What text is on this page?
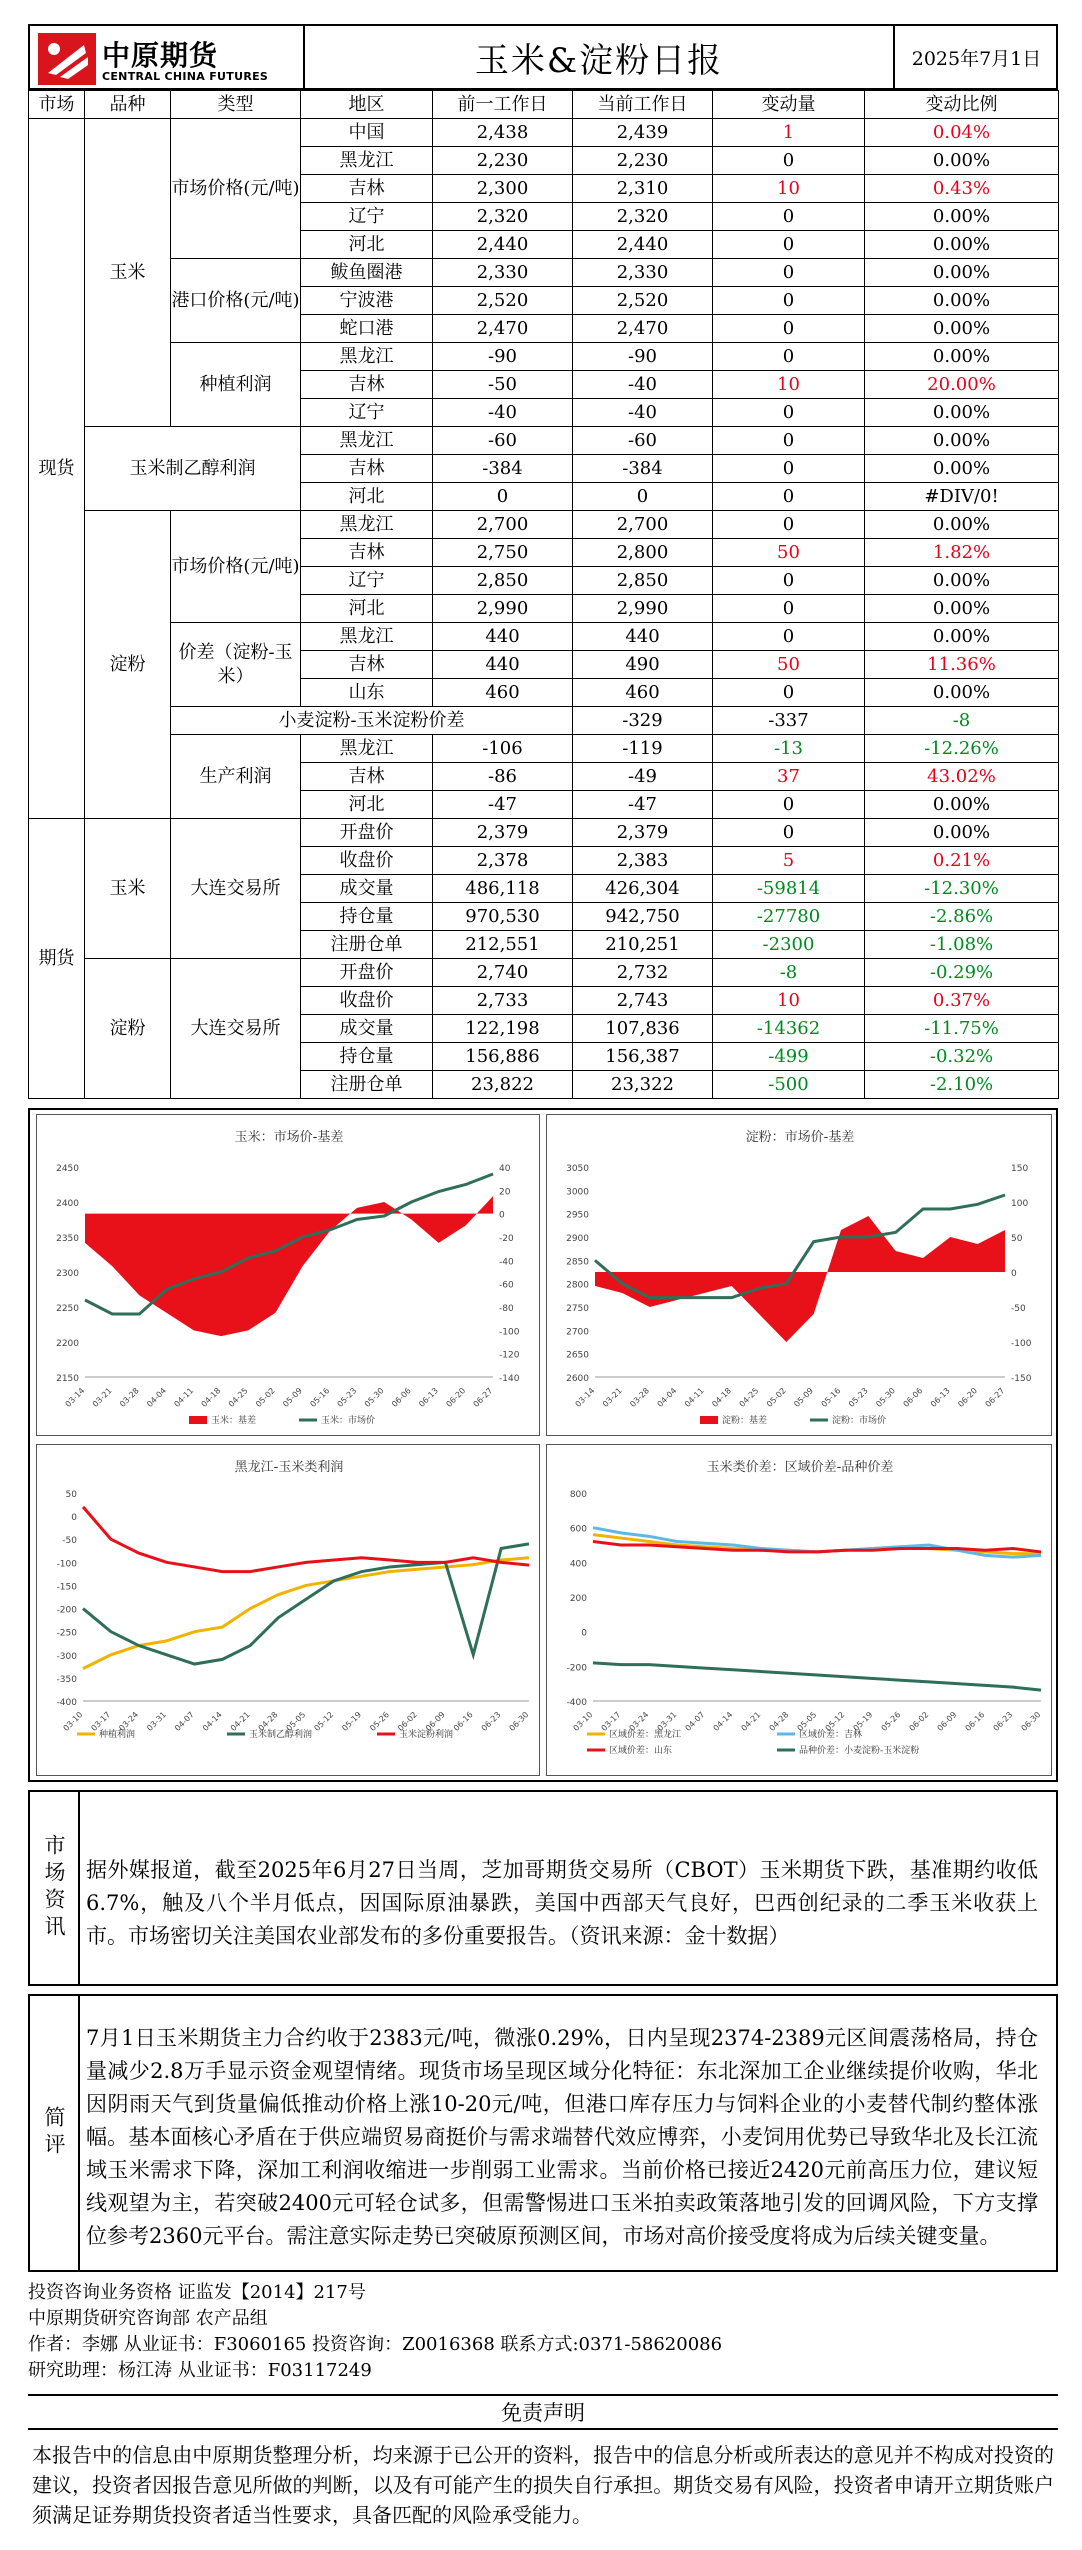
中原期货
CENTRAL CHINA FUTURES	玉米&淀粉日报	2025年7月1日
市场	品种	类型	地区	前一工作日	当前工作日	变动量	变动比例	
现货	玉米	市场价格(元/吨)	中国	2,438	2,439	1	0.04%	
			黑龙江	2,230	2,230	0	0.00%	
			吉林	2,300	2,310	10	0.43%	
			辽宁	2,320	2,320	0	0.00%	
			河北	2,440	2,440	0	0.00%	
		港口价格(元/吨)	鲅鱼圈港	2,330	2,330	0	0.00%	
			宁波港	2,520	2,520	0	0.00%	
			蛇口港	2,470	2,470	0	0.00%	
		种植利润	黑龙江	-90	-90	0	0.00%	
			吉林	-50	-40	10	20.00%	
			辽宁	-40	-40	0	0.00%	
	玉米制乙醇利润		黑龙江	-60	-60	0	0.00%	
			吉林	-384	-384	0	0.00%	
			河北	0	0	0	#DIV/0!	
	淀粉	市场价格(元/吨)	黑龙江	2,700	2,700	0	0.00%	
			吉林	2,750	2,800	50	1.82%	
			辽宁	2,850	2,850	0	0.00%	
			河北	2,990	2,990	0	0.00%	
		价差（淀粉-玉米）	黑龙江	440	440	0	0.00%	
			吉林	440	490	50	11.36%	
			山东	460	460	0	0.00%	
		小麦淀粉-玉米淀粉价差			-329	-337	-8	
		生产利润	黑龙江	-106	-119	-13	-12.26%	
			吉林	-86	-49	37	43.02%	
			河北	-47	-47	0	0.00%	
期货	玉米	大连交易所	开盘价	2,379	2,379	0	0.00%	
			收盘价	2,378	2,383	5	0.21%	
			成交量	486,118	426,304	-59814	-12.30%	
			持仓量	970,530	942,750	-27780	-2.86%	
			注册仓单	212,551	210,251	-2300	-1.08%	
	淀粉	大连交易所	开盘价	2,740	2,732	-8	-0.29%	
			收盘价	2,733	2,743	10	0.37%	
			成交量	122,198	107,836	-14362	-11.75%	
			持仓量	156,886	156,387	-499	-0.32%	
			注册仓单	23,822	23,322	-500	-2.10%	
玉米：市场价-基差
2150
2200
2250
2300
2350
2400
2450	40
20
0
-20
-40
-60
-80
-100
-120
-140
03-14 03-21 03-28 04-04 04-11 04-18 04-25 05-02 05-09 05-16 05-23 05-30 06-06 06-13 06-20 06-27
玉米：基差	玉米：市场价
淀粉：市场价-基差
2600
2650
2700
2750
2800
2850
2900
2950
3000
3050	150
100
50
0
-50
-100
-150
03-14 03-21 03-28 04-04 04-11 04-18 04-25 05-02 05-09 05-16 05-23 05-30 06-06 06-13 06-20 06-27
淀粉：基差	淀粉：市场价
黑龙江-玉米类利润
50
0
-50
-100
-150
-200
-250
-300
-350
-400
03-10 03-17 03-24 03-31 04-07 04-14 04-21 04-28 05-05 05-12 05-19 05-26 06-02 06-09 06-16 06-23 06-30
种植利润	玉米制乙醇利润	玉米淀粉利润
玉米类价差：区域价差-品种价差
800
600
400
200
0
-200
-400
03-10 03-17 03-24 03-31 04-07 04-14 04-21 04-28 05-05 05-12 05-19 05-26 06-02 06-09 06-16 06-23 06-30
区域价差：黑龙江	区域价差：吉林
区域价差：山东	品种价差：小麦淀粉-玉米淀粉
市场资讯 据外媒报道，截至2025年6月27日当周，芝加哥期货交易所（CBOT）玉米期货下跌，基准期约收低6.7%，触及八个半月低点，因国际原油暴跌，美国中西部天气良好，巴西创纪录的二季玉米收获上市。市场密切关注美国农业部发布的多份重要报告。（资讯来源：金十数据）
简评
7月1日玉米期货主力合约收于2383元/吨，微涨0.29%，日内呈现2374-2389元区间震荡格局，持仓量减少2.8万手显示资金观望情绪。现货市场呈现区域分化特征：东北深加工企业继续提价收购，华北因阴雨天气到货量偏低推动价格上涨10-20元/吨，但港口库存压力与饲料企业的小麦替代制约整体涨幅。基本面核心矛盾在于供应端贸易商挺价与需求端替代效应博弈，小麦饲用优势已导致华北及长江流域玉米需求下降，深加工利润收缩进一步削弱工业需求。当前价格已接近2420元前高压力位，建议短线观望为主，若突破2400元可轻仓试多，但需警惕进口玉米拍卖政策落地引发的回调风险，下方支撑位参考2360元平台。需注意实际走势已突破原预测区间，市场对高价接受度将成为后续关键变量。
投资咨询业务资格 证监发【2014】217号
中原期货研究咨询部 农产品组
作者：李娜 从业证书：F3060165 投资咨询：Z0016368 联系方式:0371-58620086
研究助理：杨江涛 从业证书：F03117249
免责声明
本报告中的信息由中原期货整理分析，均来源于已公开的资料，报告中的信息分析或所表达的意见并不构成对投资的建议，投资者因报告意见所做的判断，以及有可能产生的损失自行承担。期货交易有风险，投资者申请开立期货账户须满足证券期货投资者适当性要求，具备匹配的风险承受能力。
